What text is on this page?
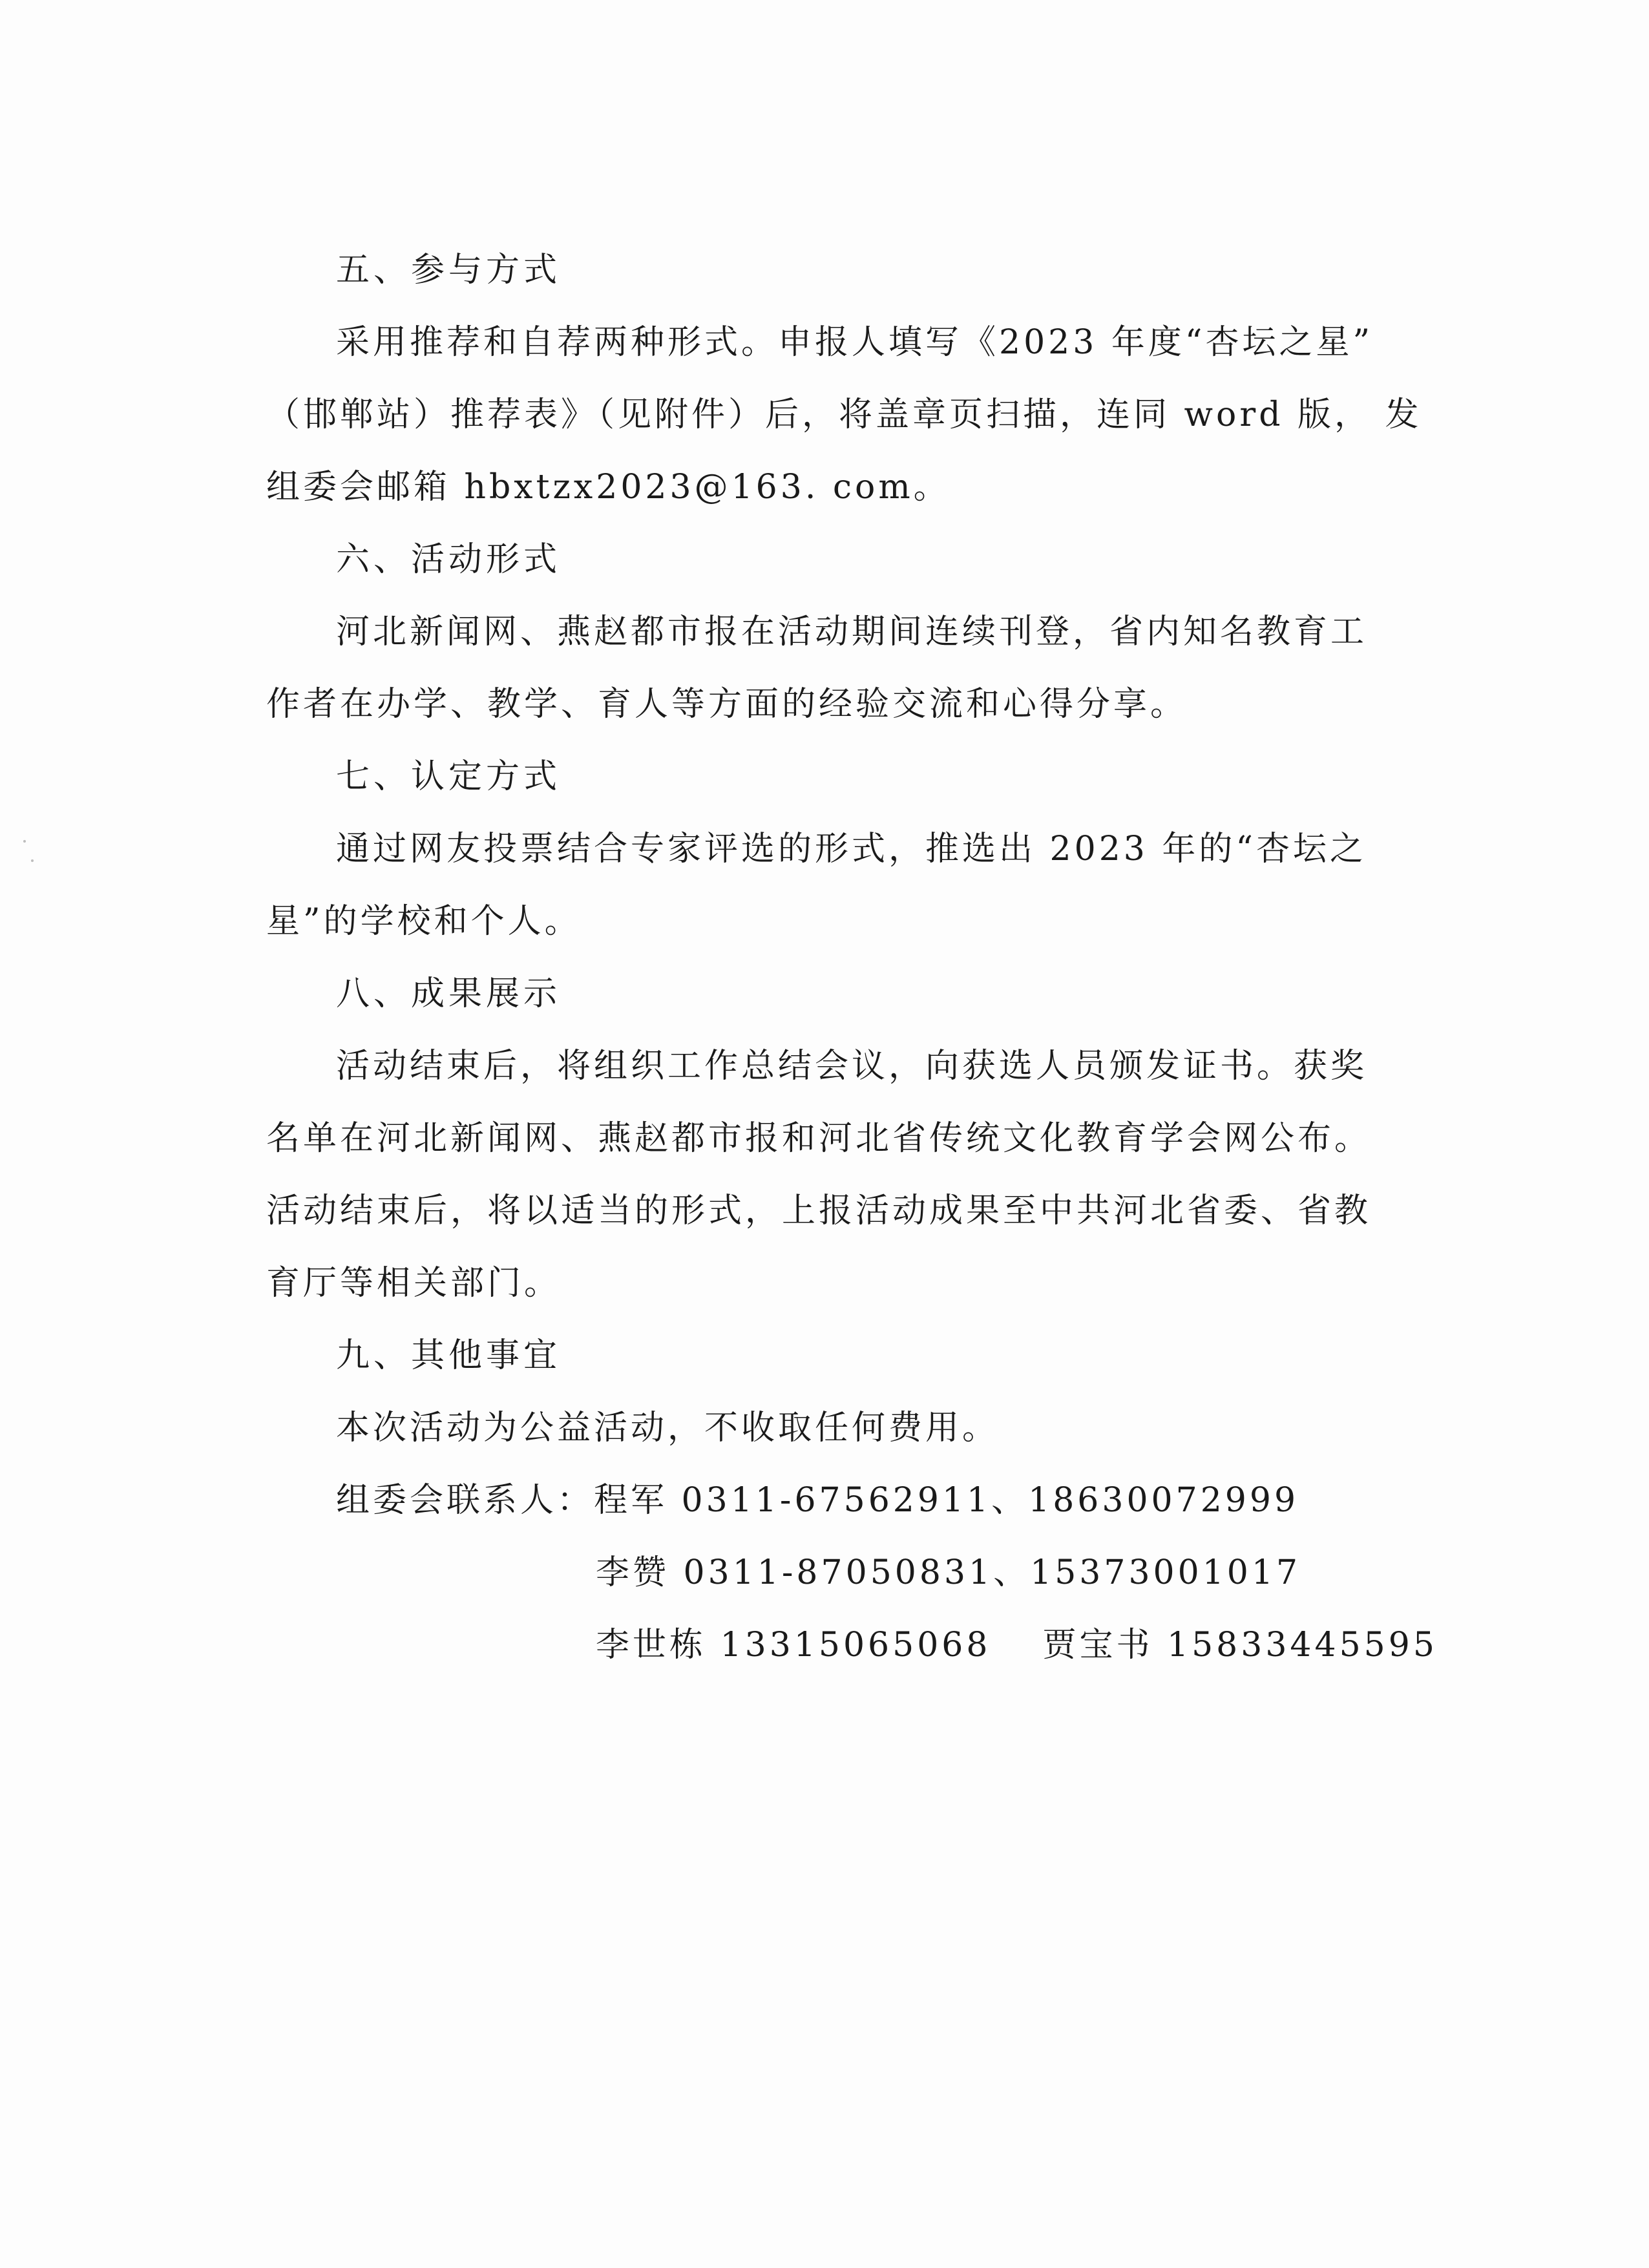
五、参与方式
采用推荐和自荐两种形式。申报人填写《2023 年度“杏坛之星”
（邯郸站）推荐表》（见附件）后，将盖章页扫描，连同 word 版， 发
组委会邮箱 hbxtzx2023@163. com。
六、活动形式
河北新闻网、燕赵都市报在活动期间连续刊登，省内知名教育工
作者在办学、教学、育人等方面的经验交流和心得分享。
七、认定方式
通过网友投票结合专家评选的形式，推选出 2023 年的“杏坛之
星”的学校和个人。
八、成果展示
活动结束后，将组织工作总结会议，向获选人员颁发证书。获奖
名单在河北新闻网、燕赵都市报和河北省传统文化教育学会网公布。
活动结束后，将以适当的形式，上报活动成果至中共河北省委、省教
育厅等相关部门。
九、其他事宜
本次活动为公益活动，不收取任何费用。
组委会联系人：程军 0311-67562911、18630072999
李赞 0311-87050831、15373001017
李世栋 13315065068 贾宝书 15833445595
